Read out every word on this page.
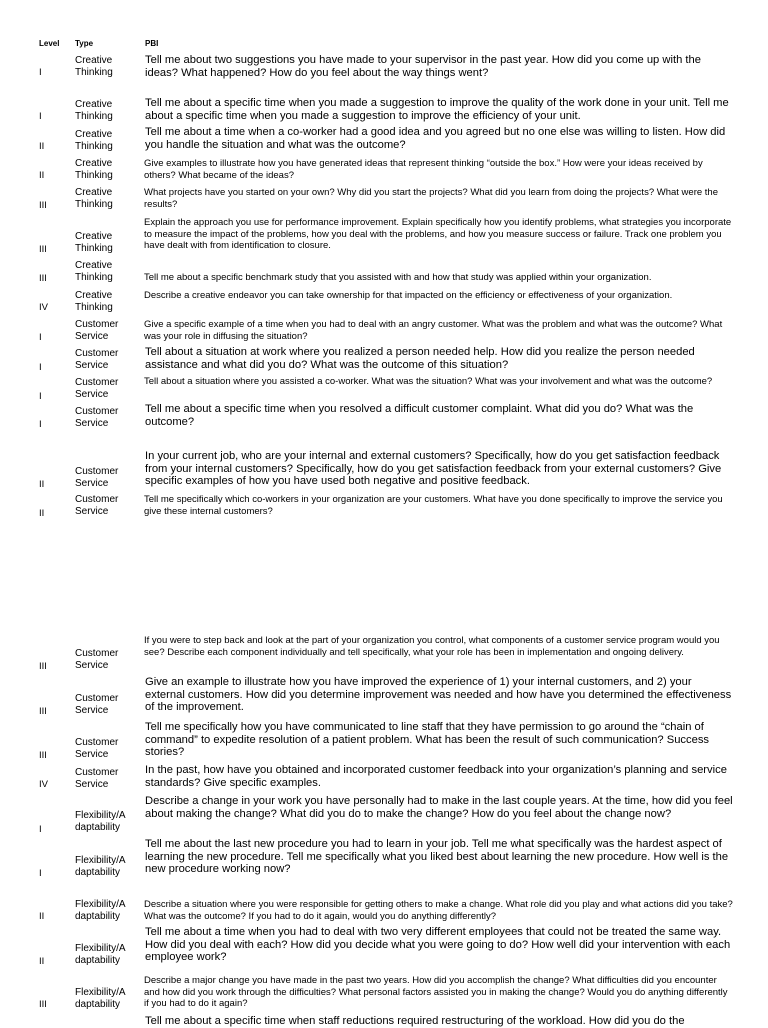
Level Type	PBI
I
Creative
Thinking
Tell me about two suggestions you have made to your supervisor in the past year. How did you come up with the ideas? What happened? How do you feel about the way things went?
I
Creative
Thinking
Tell me about a specific time when you made a suggestion to improve the quality of the work done in your unit. Tell me about a specific time when you made a suggestion to improve the efficiency of your unit.
II
Creative
Thinking
Tell me about a time when a co-worker had a good idea and you agreed but no one else was willing to listen. How did you handle the situation and what was the outcome?
II
Creative
Thinking
Give examples to illustrate how you have generated ideas that represent thinking “outside the box.” How were your ideas received by others? What became of the ideas?
III
Creative
Thinking
What projects have you started on your own? Why did you start the projects? What did you learn from doing the projects? What were the results?
III
Creative
Thinking
Explain the approach you use for performance improvement. Explain specifically how you identify problems, what strategies you incorporate to measure the impact of the problems, how you deal with the problems, and how you measure success or failure. Track one problem you have dealt with from identification to closure.
III
Creative
Thinking	Tell me about a specific benchmark study that you assisted with and how that study was applied within your organization.
IV
Creative
Thinking
Describe a creative endeavor you can take ownership for that impacted on the efficiency or effectiveness of your organization.
I
Customer
Service
Give a specific example of a time when you had to deal with an angry customer. What was the problem and what was the outcome? What was your role in diffusing the situation?
I
Customer
Service
Tell about a situation at work where you realized a person needed help. How did you realize the person needed assistance and what did you do? What was the outcome of this situation?
I
Customer
Service
Tell about a situation where you assisted a co-worker. What was the situation? What was your involvement and what was the outcome?
I
Customer
Service
Tell me about a specific time when you resolved a difficult customer complaint. What did you do? What was the outcome?
II
Customer
Service
In your current job, who are your internal and external customers? Specifically, how do you get satisfaction feedback from your internal customers? Specifically, how do you get satisfaction feedback from your external customers? Give specific examples of how you have used both negative and positive feedback.
II
Customer
Service
Tell me specifically which co-workers in your organization are your customers. What have you done specifically to improve the service you give these internal customers?
III
Customer
Service
If you were to step back and look at the part of your organization you control, what components of a customer service program would you see? Describe each component individually and tell specifically, what your role has been in implementation and ongoing delivery.
III
Customer
Service
Give an example to illustrate how you have improved the experience of 1) your internal customers, and 2) your external customers. How did you determine improvement was needed and how have you determined the effectiveness of the improvement.
III
Customer
Service
Tell me specifically how you have communicated to line staff that they have permission to go around the “chain of command” to expedite resolution of a patient problem. What has been the result of such communication? Success stories?
IV
Customer
Service
In the past, how have you obtained and incorporated customer feedback into your organization’s planning and service standards? Give specific examples.
I
Flexibility/A
daptability
Describe a change in your work you have personally had to make in the last couple years. At the time, how did you feel about making the change? What did you do to make the change? How do you feel about the change now?
I
Flexibility/A
daptability
Tell me about the last new procedure you had to learn in your job. Tell me what specifically was the hardest aspect of learning the new procedure. Tell me specifically what you liked best about learning the new procedure. How well is the new procedure working now?
II
Flexibility/A
daptability
Describe a situation where you were responsible for getting others to make a change. What role did you play and what actions did you take? What was the outcome? If you had to do it again, would you do anything differently?
II
Flexibility/A
daptability
Tell me about a time when you had to deal with two very different employees that could not be treated the same way. How did you deal with each? How did you decide what you were going to do? How well did your intervention with each employee work?
III
Flexibility/A
daptability
Describe a major change you have made in the past two years. How did you accomplish the change? What difficulties did you encounter and how did you work through the difficulties? What personal factors assisted you in making the change? Would you do anything differently if you had to do it again?
Tell me about a specific time when staff reductions required restructuring of the workload. How did you do the
